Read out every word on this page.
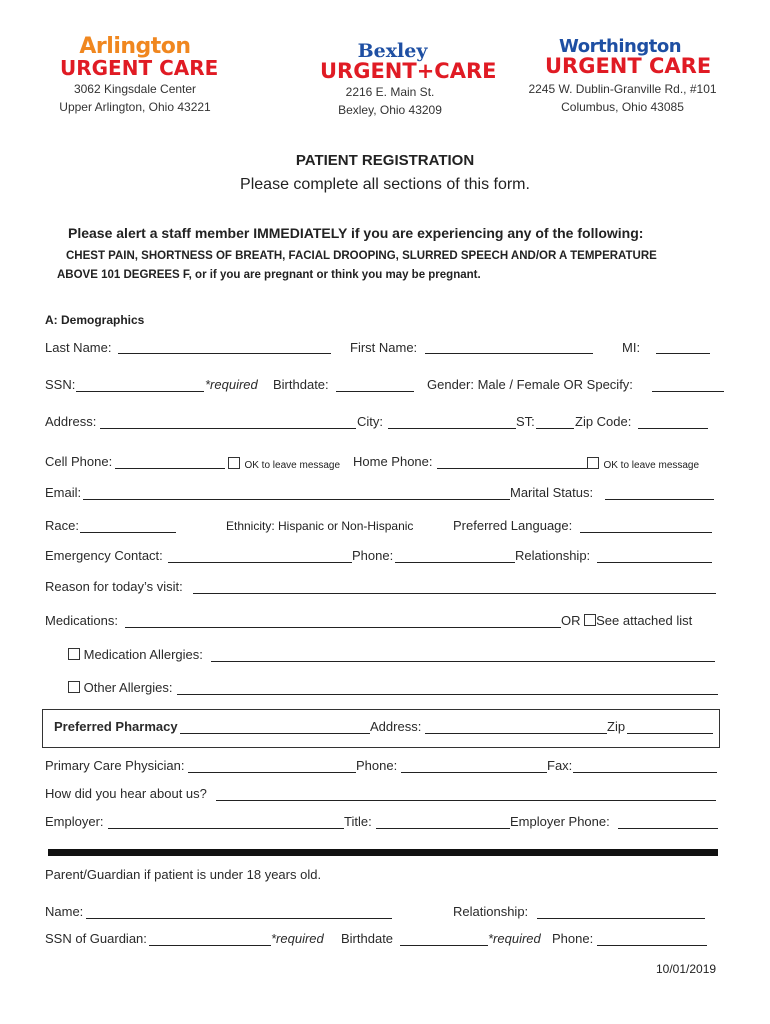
Arlington
URGENT CARE
3062 Kingsdale Center
Upper Arlington, Ohio 43221
Bexley
URGENT+CARE
2216 E. Main St.
Bexley, Ohio 43209
Worthington
URGENT CARE
2245 W. Dublin-Granville Rd., #101
Columbus, Ohio 43085
PATIENT REGISTRATION
Please complete all sections of this form.
Please alert a staff member IMMEDIATELY if you are experiencing any of the following:
CHEST PAIN, SHORTNESS OF BREATH, FACIAL DROOPING, SLURRED SPEECH AND/OR A TEMPERATURE
ABOVE 101 DEGREES F, or if you are pregnant or think you may be pregnant.
A: Demographics
Last Name:	First Name:	MI:
SSN:	*required Birthdate:	Gender: Male / Female OR Specify:
Address:	City:	ST:	Zip Code:
Cell Phone:	OK to leave message Home Phone:	OK to leave message
Email:	Marital Status:
Race:	Ethnicity: Hispanic or Non-Hispanic	Preferred Language:
Emergency Contact:	Phone:	Relationship:
Reason for today’s visit:
Medications:	OR See attached list
Medication Allergies:
Other Allergies:
Preferred Pharmacy	Address:	Zip
Primary Care Physician:	Phone:	Fax:
How did you hear about us?
Employer:	Title:	Employer Phone:
Parent/Guardian if patient is under 18 years old.
Name:	Relationship:
SSN of Guardian:	*required Birthdate	*required Phone:
10/01/2019
